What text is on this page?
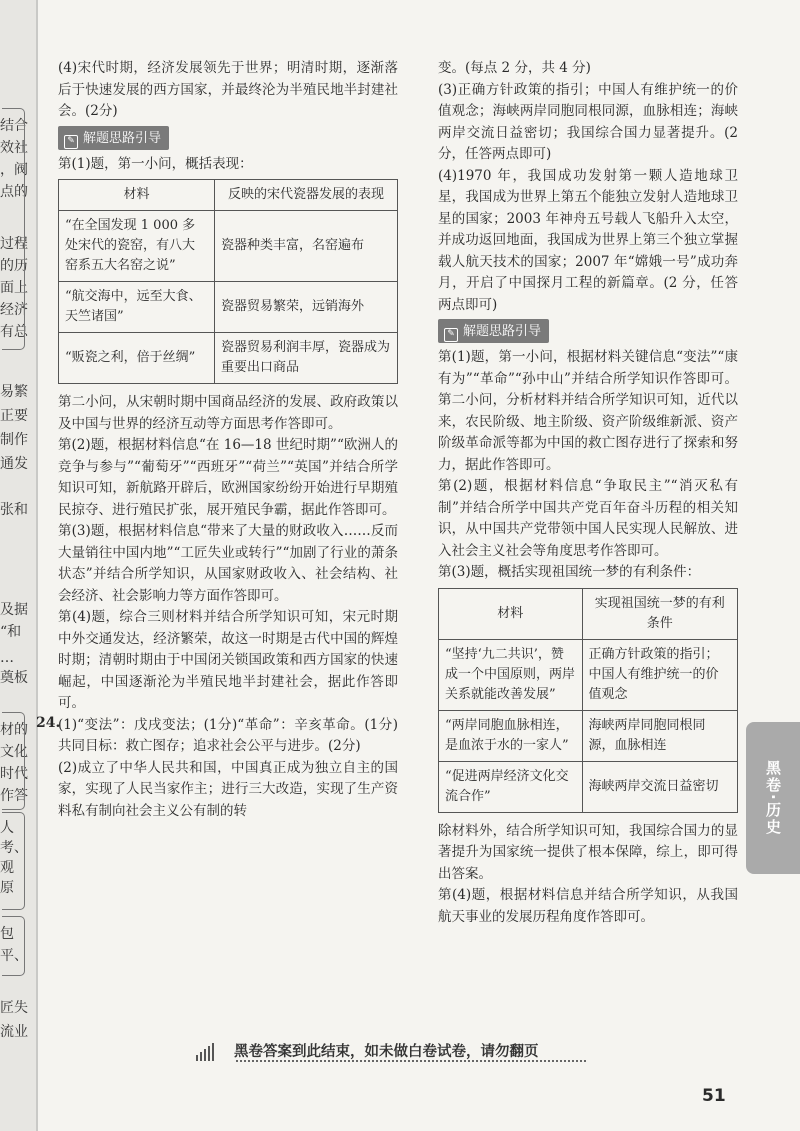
结合
效社
，阀
点的
过程
的历
面上
经济
有总
易繁
正要
制作
通发
张和
及据
“和
…
奠板
材的
文化
时代
作答
人
考、
观
原
包
平、
匠失
流业

(4)宋代时期，经济发展领先于世界；明清时期，逐渐落后于快速发展的西方国家，并最终沦为半殖民地半封建社会。(2分)

✎ 解题思路引导

第(1)题，第一小问，概括表现：

材料	反映的宋代瓷器发展的表现
“在全国发现 1 000 多处宋代的瓷窑，有八大窑系五大名窑之说”	瓷器种类丰富，名窑遍布
“航交海中，远至大食、天竺诸国”	瓷器贸易繁荣，远销海外
“贩瓷之利，倍于丝绸”	瓷器贸易利润丰厚，瓷器成为重要出口商品

第二小问，从宋朝时期中国商品经济的发展、政府政策以及中国与世界的经济互动等方面思考作答即可。

第(2)题，根据材料信息“在 16—18 世纪时期”“欧洲人的竞争与参与”“葡萄牙”“西班牙”“荷兰”“英国”并结合所学知识可知，新航路开辟后，欧洲国家纷纷开始进行早期殖民掠夺、进行殖民扩张，展开殖民争霸，据此作答即可。

第(3)题，根据材料信息“带来了大量的财政收入……反而大量销往中国内地”“工匠失业或转行”“加剧了行业的萧条状态”并结合所学知识，从国家财政收入、社会结构、社会经济、社会影响力等方面作答即可。

第(4)题，综合三则材料并结合所学知识可知，宋元时期中外交通发达，经济繁荣，故这一时期是古代中国的辉煌时期；清朝时期由于中国闭关锁国政策和西方国家的快速崛起，中国逐渐沦为半殖民地半封建社会，据此作答即可。

24.

(1)“变法”：戊戌变法；(1分)“革命”：辛亥革命。(1分)共同目标：救亡图存；追求社会公平与进步。(2分)

(2)成立了中华人民共和国，中国真正成为独立自主的国家，实现了人民当家作主；进行三大改造，实现了生产资料私有制向社会主义公有制的转

变。(每点 2 分，共 4 分)

(3)正确方针政策的指引；中国人有维护统一的价值观念；海峡两岸同胞同根同源，血脉相连；海峡两岸交流日益密切；我国综合国力显著提升。(2分，任答两点即可)

(4)1970 年，我国成功发射第一颗人造地球卫星，我国成为世界上第五个能独立发射人造地球卫星的国家；2003 年神舟五号载人飞船升入太空，并成功返回地面，我国成为世界上第三个独立掌握载人航天技术的国家；2007 年“嫦娥一号”成功奔月，开启了中国探月工程的新篇章。(2 分，任答两点即可)

✎ 解题思路引导

第(1)题，第一小问，根据材料关键信息“变法”“康有为”“革命”“孙中山”并结合所学知识作答即可。第二小问，分析材料并结合所学知识可知，近代以来，农民阶级、地主阶级、资产阶级维新派、资产阶级革命派等都为中国的救亡图存进行了探索和努力，据此作答即可。

第(2)题，根据材料信息“争取民主”“消灭私有制”并结合所学中国共产党百年奋斗历程的相关知识，从中国共产党带领中国人民实现人民解放、进入社会主义社会等角度思考作答即可。

第(3)题，概括实现祖国统一梦的有利条件：

材料	实现祖国统一梦的有利条件
“坚持‘九二共识’，赞成一个中国原则，两岸关系就能改善发展”	正确方针政策的指引；中国人有维护统一的价值观念
“两岸同胞血脉相连，是血浓于水的一家人”	海峡两岸同胞同根同源，血脉相连
“促进两岸经济文化交流合作”	海峡两岸交流日益密切

除材料外，结合所学知识可知，我国综合国力的显著提升为国家统一提供了根本保障，综上，即可得出答案。

第(4)题，根据材料信息并结合所学知识，从我国航天事业的发展历程角度作答即可。

黑卷·历史
黑卷答案到此结束，如未做白卷试卷，请勿翻页
51
